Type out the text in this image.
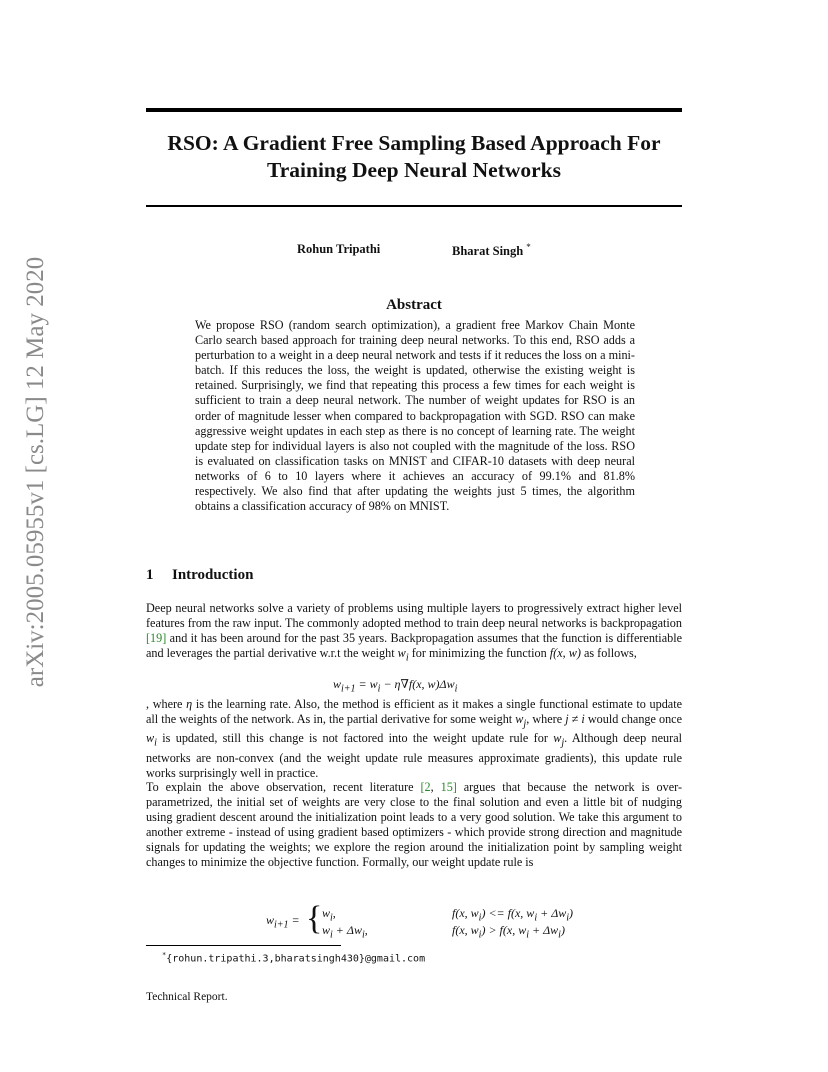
arXiv:2005.05955v1 [cs.LG] 12 May 2020
RSO: A Gradient Free Sampling Based Approach For
Training Deep Neural Networks
Rohun Tripathi	Bharat Singh *
Abstract

We propose RSO (random search optimization), a gradient free Markov Chain Monte Carlo search based approach for training deep neural networks. To this end, RSO adds a perturbation to a weight in a deep neural network and tests if it reduces the loss on a mini-batch. If this reduces the loss, the weight is updated, otherwise the existing weight is retained. Surprisingly, we find that repeating this process a few times for each weight is sufficient to train a deep neural network. The number of weight updates for RSO is an order of magnitude lesser when compared to backpropagation with SGD. RSO can make aggressive weight updates in each step as there is no concept of learning rate. The weight update step for individual layers is also not coupled with the magnitude of the loss. RSO is evaluated on classification tasks on MNIST and CIFAR-10 datasets with deep neural networks of 6 to 10 layers where it achieves an accuracy of 99.1% and 81.8% respectively. We also find that after updating the weights just 5 times, the algorithm obtains a classification accuracy of 98% on MNIST.

1 Introduction

Deep neural networks solve a variety of problems using multiple layers to progressively extract higher level features from the raw input. The commonly adopted method to train deep neural networks is backpropagation [19] and it has been around for the past 35 years. Backpropagation assumes that the function is differentiable and leverages the partial derivative w.r.t the weight $w_i$ for minimizing the function f(x, w) as follows,

$w_{i+1} = w_i - \eta\nabla f(x$, $w)\Delta w_i$

, where η is the learning rate. Also, the method is efficient as it makes a single functional estimate to update all the weights of the network. As in, the partial derivative for some weight $w_j$, where j ≠ i would change once $w_i$ is updated, still this change is not factored into the weight update rule for $w_j$. Although deep neural networks are non-convex (and the weight update rule measures approximate gradients), this update rule works surprisingly well in practice.

To explain the above observation, recent literature [2, 15] argues that because the network is over-parametrized, the initial set of weights are very close to the final solution and even a little bit of nudging using gradient descent around the initialization point leads to a very good solution. We take this argument to another extreme - instead of using gradient based optimizers - which provide strong direction and magnitude signals for updating the weights; we explore the region around the initialization point by sampling weight changes to minimize the objective function. Formally, our weight update rule is

$w_{i+1}$ = { $w_i$,	f(x, $w_i) <= f(x$, $w_i + \Delta w_i$)
$w_i + \Delta w_i$,	f(x, $w_i) > f(x$, $w_i + \Delta w_i$)
*{rohun.tripathi.3,bharatsingh430}@gmail.com
Technical Report.
